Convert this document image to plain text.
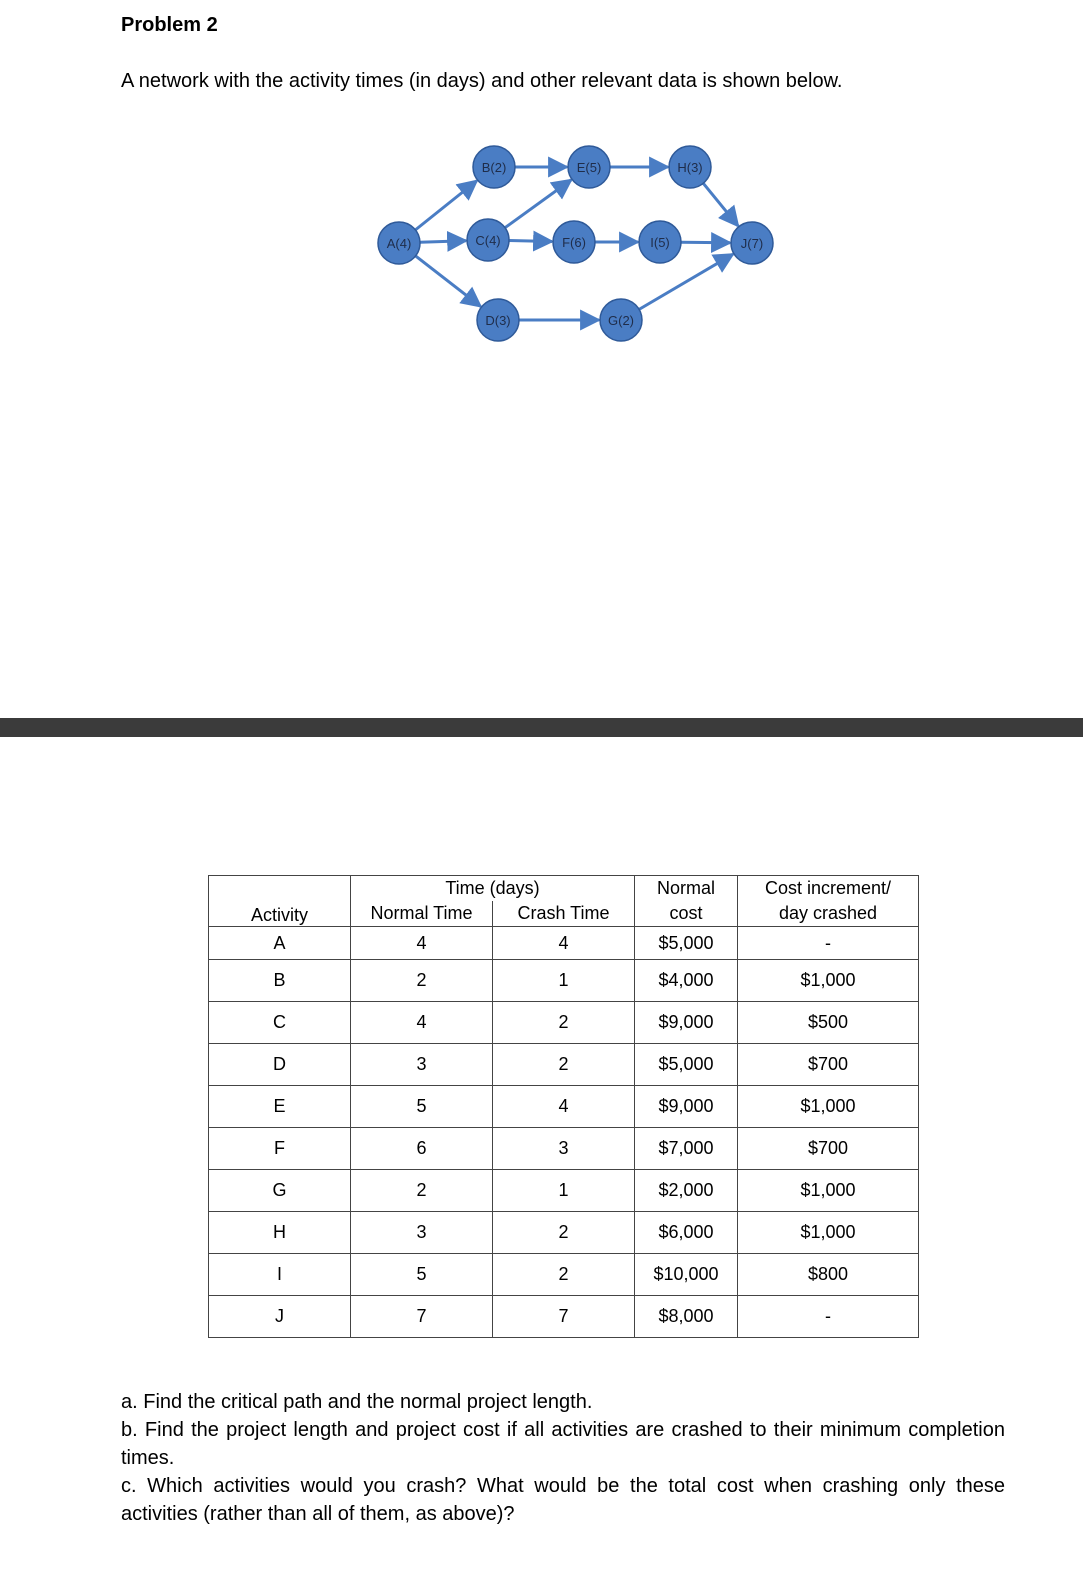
Problem 2
A network with the activity times (in days) and other relevant data is shown below.
A(4)
B(2)
C(4)
D(3)
E(5)
F(6)
G(2)
H(3)
I(5)	J(7)
	Time (days)		Normal	Cost increment/
Activity	Normal Time	Crash Time	cost	day crashed
A	4	4	$5,000	-
B	2	1	$4,000	$1,000
C	4	2	$9,000	$500
D	3	2	$5,000	$700
E	5	4	$9,000	$1,000
F	6	3	$7,000	$700
G	2	1	$2,000	$1,000
H	3	2	$6,000	$1,000
I	5	2	$10,000	$800
J	7	7	$8,000	-

a. Find the critical path and the normal project length.

b. Find the project length and project cost if all activities are crashed to their minimum completion times.

c. Which activities would you crash? What would be the total cost when crashing only these activities (rather than all of them, as above)?
